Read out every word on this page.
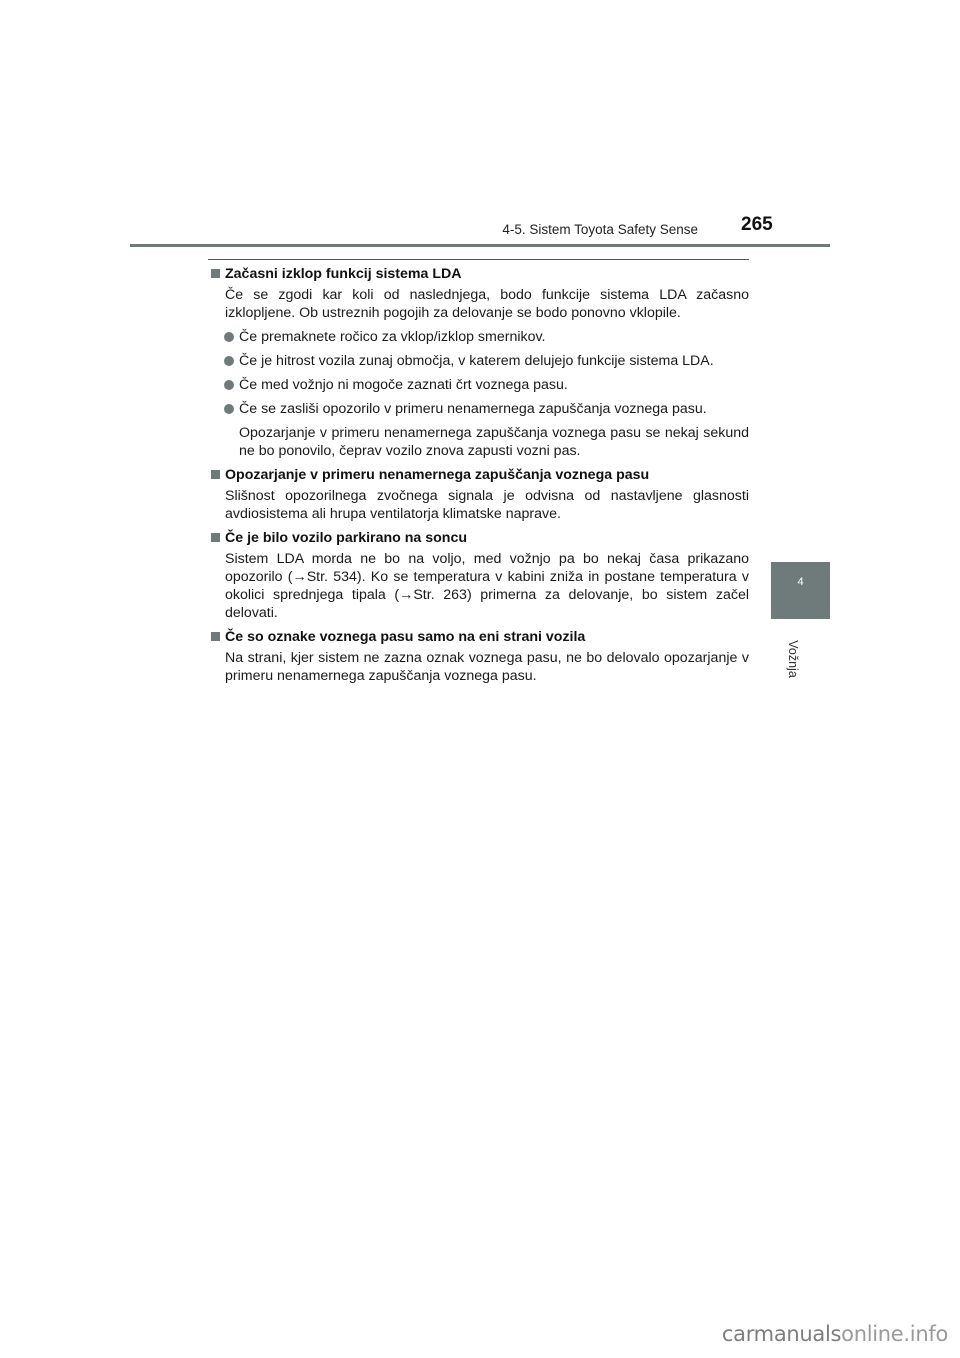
4-5. Sistem Toyota Safety Sense 265
4
Vožnja
Začasni izklop funkcij sistema LDA
Če se zgodi kar koli od naslednjega, bodo funkcije sistema LDA začasno izklopljene. Ob ustreznih pogojih za delovanje se bodo ponovno vklopile.
Če premaknete ročico za vklop/izklop smernikov.
Če je hitrost vozila zunaj območja, v katerem delujejo funkcije sistema LDA.
Če med vožnjo ni mogoče zaznati črt voznega pasu.
Če se zasliši opozorilo v primeru nenamernega zapuščanja voznega pasu.
Opozarjanje v primeru nenamernega zapuščanja voznega pasu se nekaj sekund ne bo ponovilo, čeprav vozilo znova zapusti vozni pas.
Opozarjanje v primeru nenamernega zapuščanja voznega pasu
Slišnost opozorilnega zvočnega signala je odvisna od nastavljene glasnosti avdiosistema ali hrupa ventilatorja klimatske naprave.
Če je bilo vozilo parkirano na soncu
Sistem LDA morda ne bo na voljo, med vožnjo pa bo nekaj časa prikazano opozorilo (→Str. 534). Ko se temperatura v kabini zniža in postane temperatura v okolici sprednjega tipala (→Str. 263) primerna za delovanje, bo sistem začel delovati.
Če so oznake voznega pasu samo na eni strani vozila
Na strani, kjer sistem ne zazna oznak voznega pasu, ne bo delovalo opozarjanje v primeru nenamernega zapuščanja voznega pasu.
carmanualsonline.info
